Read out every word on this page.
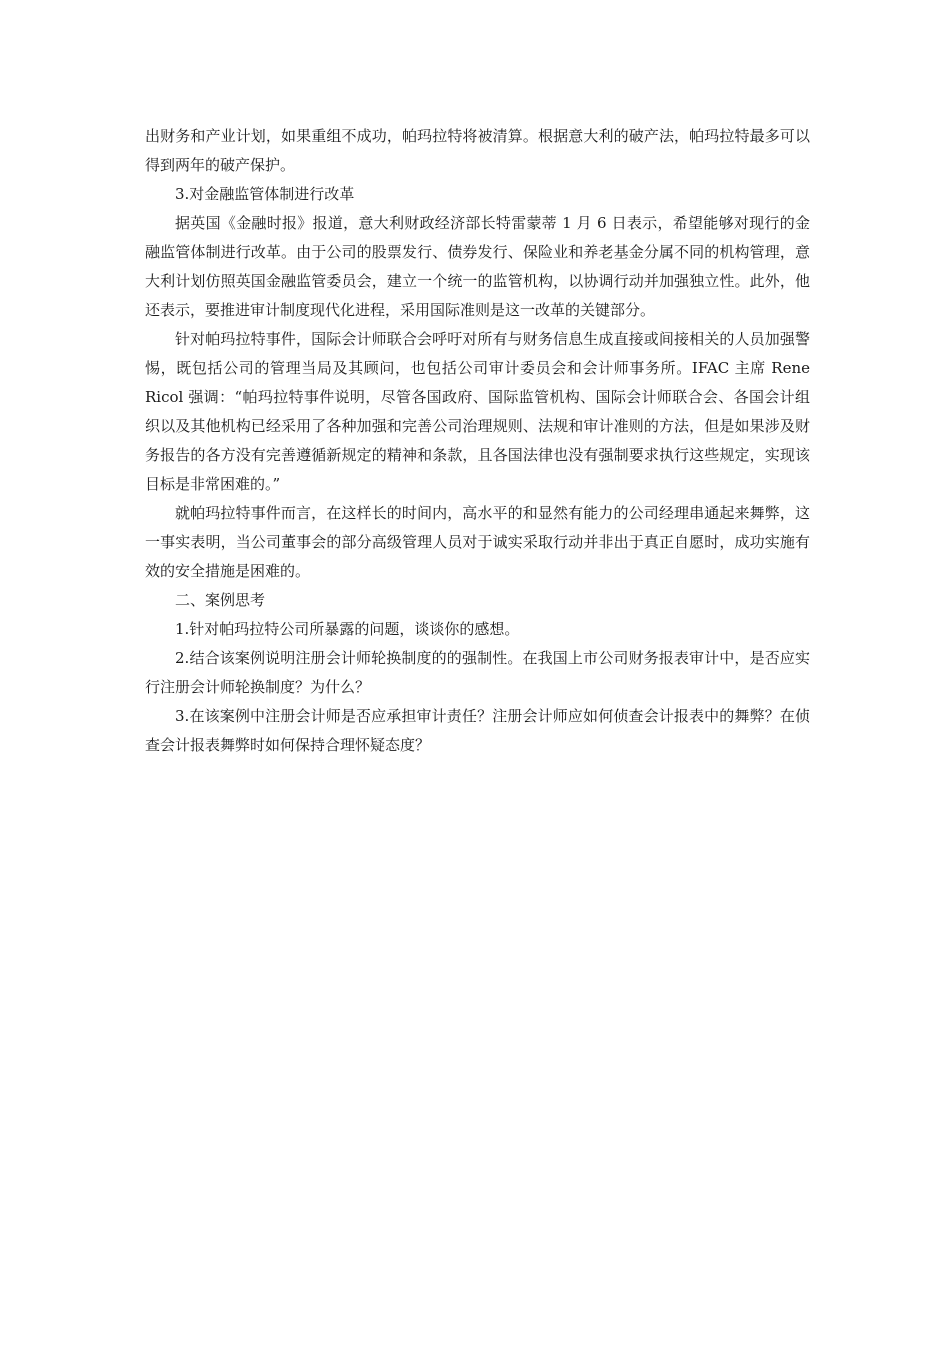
出财务和产业计划，如果重组不成功，帕玛拉特将被清算。根据意大利的破产法，帕玛拉特最多可以得到两年的破产保护。

3.对金融监管体制进行改革

据英国《金融时报》报道，意大利财政经济部长特雷蒙蒂 1 月 6 日表示，希望能够对现行的金融监管体制进行改革。由于公司的股票发行、债券发行、保险业和养老基金分属不同的机构管理，意大利计划仿照英国金融监管委员会，建立一个统一的监管机构，以协调行动并加强独立性。此外，他还表示，要推进审计制度现代化进程，采用国际准则是这一改革的关键部分。

针对帕玛拉特事件，国际会计师联合会呼吁对所有与财务信息生成直接或间接相关的人员加强警惕，既包括公司的管理当局及其顾问，也包括公司审计委员会和会计师事务所。IFAC 主席 Rene Ricol 强调：“帕玛拉特事件说明，尽管各国政府、国际监管机构、国际会计师联合会、各国会计组织以及其他机构已经采用了各种加强和完善公司治理规则、法规和审计准则的方法，但是如果涉及财务报告的各方没有完善遵循新规定的精神和条款，且各国法律也没有强制要求执行这些规定，实现该目标是非常困难的。”

就帕玛拉特事件而言，在这样长的时间内，高水平的和显然有能力的公司经理串通起来舞弊，这一事实表明，当公司董事会的部分高级管理人员对于诚实采取行动并非出于真正自愿时，成功实施有效的安全措施是困难的。

二、案例思考

1.针对帕玛拉特公司所暴露的问题，谈谈你的感想。

2.结合该案例说明注册会计师轮换制度的的强制性。在我国上市公司财务报表审计中，是否应实行注册会计师轮换制度？为什么？

3.在该案例中注册会计师是否应承担审计责任？注册会计师应如何侦查会计报表中的舞弊？在侦查会计报表舞弊时如何保持合理怀疑态度？
